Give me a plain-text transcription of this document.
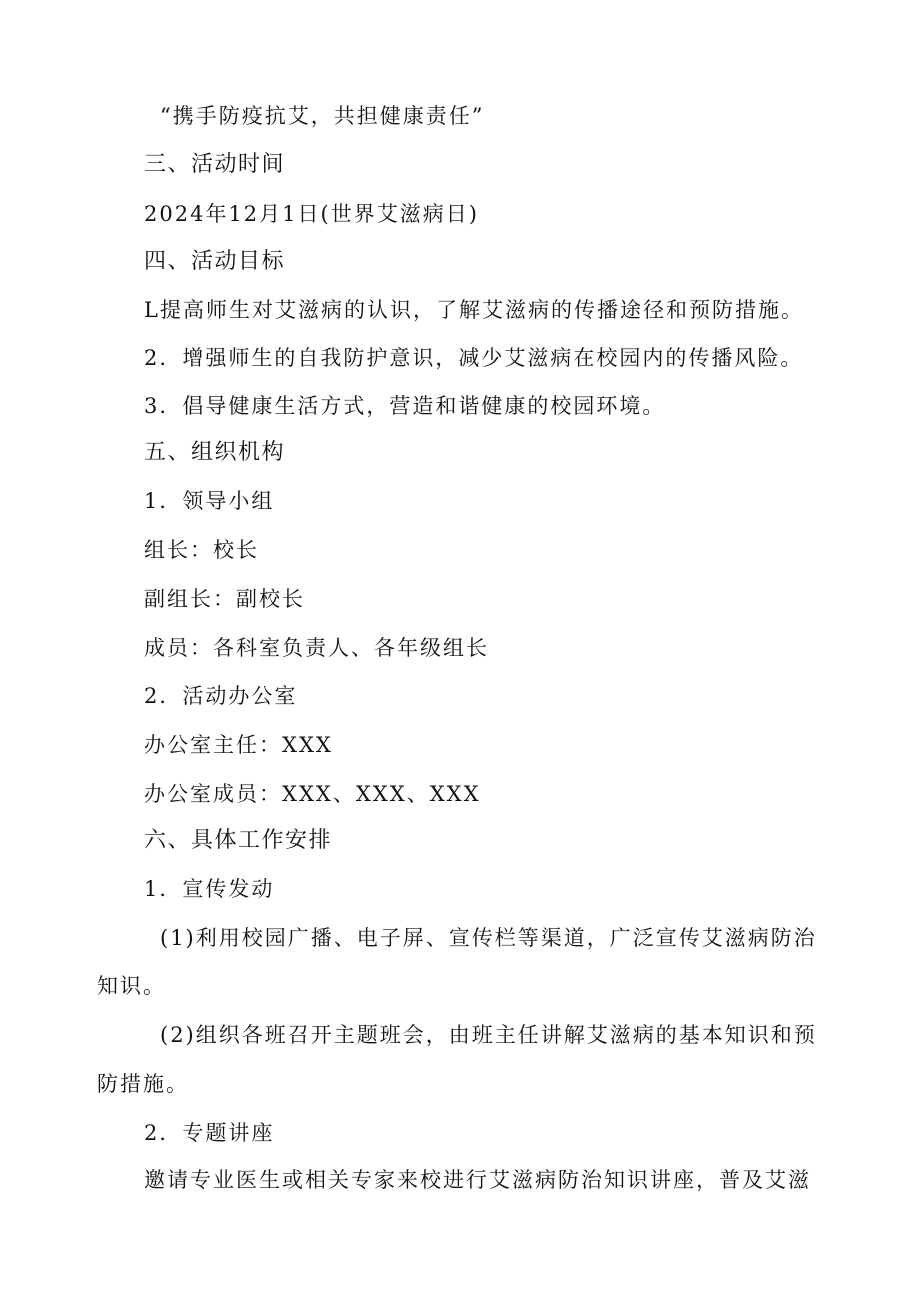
“携手防疫抗艾，共担健康责任”
三、活动时间
2024年12月1日(世界艾滋病日)
四、活动目标
L提高师生对艾滋病的认识，了解艾滋病的传播途径和预防措施。
2．增强师生的自我防护意识，减少艾滋病在校园内的传播风险。
3．倡导健康生活方式，营造和谐健康的校园环境。
五、组织机构
1．领导小组
组长：校长
副组长：副校长
成员：各科室负责人、各年级组长
2．活动办公室
办公室主任：XXX
办公室成员：XXX、XXX、XXX
六、具体工作安排
1．宣传发动
(1)利用校园广播、电子屏、宣传栏等渠道，广泛宣传艾滋病防治
知识。
(2)组织各班召开主题班会，由班主任讲解艾滋病的基本知识和预
防措施。
2．专题讲座
邀请专业医生或相关专家来校进行艾滋病防治知识讲座，普及艾滋
